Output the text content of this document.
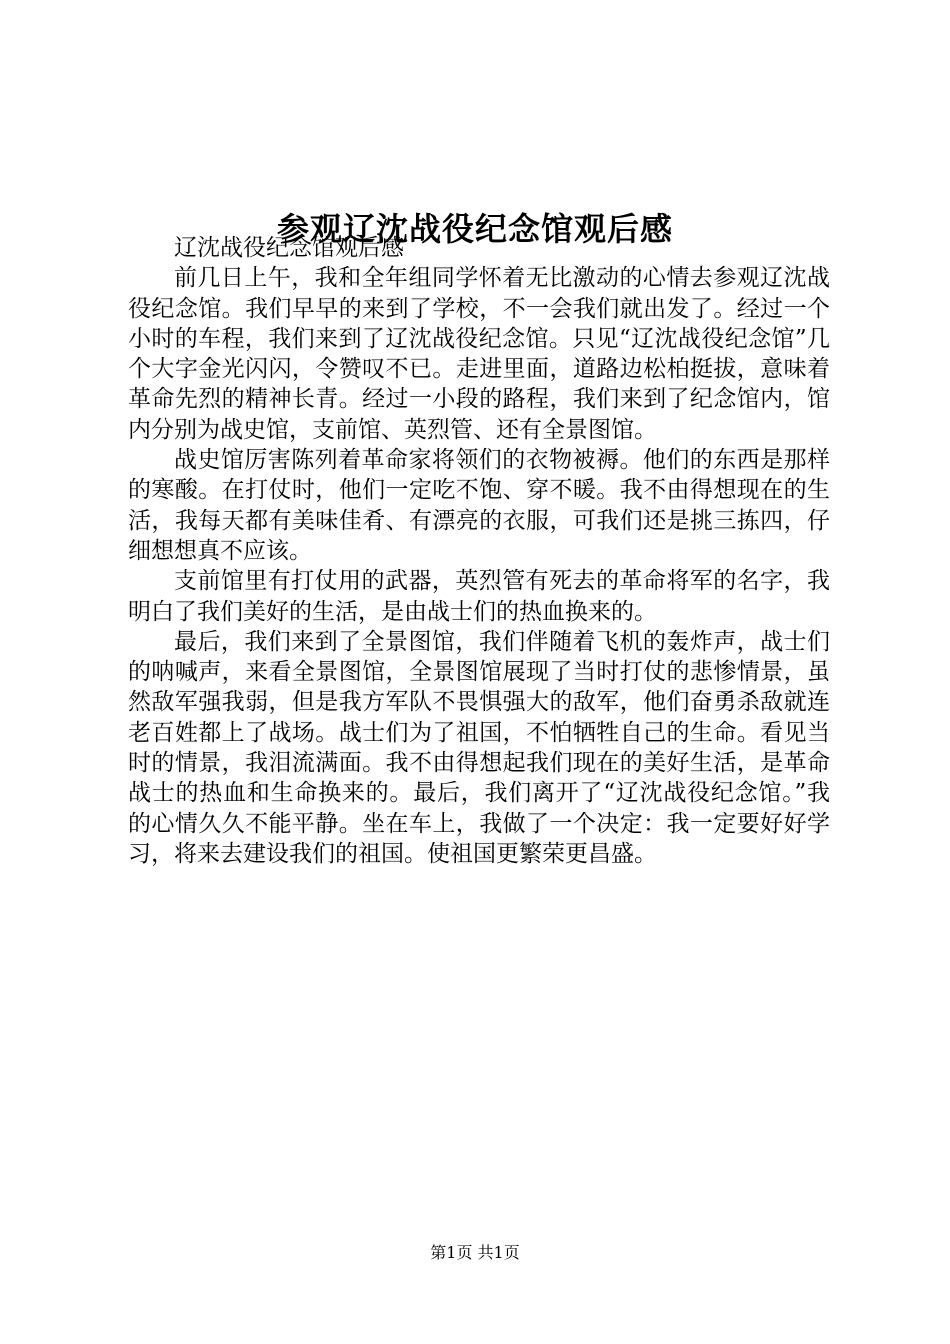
参观辽沈战役纪念馆观后感

辽沈战役纪念馆观后感

前几日上午，我和全年组同学怀着无比激动的心情去参观辽沈战役纪念馆。我们早早的来到了学校，不一会我们就出发了。经过一个小时的车程，我们来到了辽沈战役纪念馆。只见“辽沈战役纪念馆”几个大字金光闪闪，令赞叹不已。走进里面，道路边松柏挺拔，意味着革命先烈的精神长青。经过一小段的路程，我们来到了纪念馆内，馆内分别为战史馆，支前馆、英烈管、还有全景图馆。

战史馆厉害陈列着革命家将领们的衣物被褥。他们的东西是那样的寒酸。在打仗时，他们一定吃不饱、穿不暖。我不由得想现在的生活，我每天都有美味佳肴、有漂亮的衣服，可我们还是挑三拣四，仔细想想真不应该。

支前馆里有打仗用的武器，英烈管有死去的革命将军的名字，我明白了我们美好的生活，是由战士们的热血换来的。

最后，我们来到了全景图馆，我们伴随着飞机的轰炸声，战士们的呐喊声，来看全景图馆，全景图馆展现了当时打仗的悲惨情景，虽然敌军强我弱，但是我方军队不畏惧强大的敌军，他们奋勇杀敌就连老百姓都上了战场。战士们为了祖国，不怕牺牲自己的生命。看见当时的情景，我泪流满面。我不由得想起我们现在的美好生活，是革命战士的热血和生命换来的。最后，我们离开了“辽沈战役纪念馆。”我的心情久久不能平静。坐在车上，我做了一个决定：我一定要好好学习，将来去建设我们的祖国。使祖国更繁荣更昌盛。

第1页 共1页
